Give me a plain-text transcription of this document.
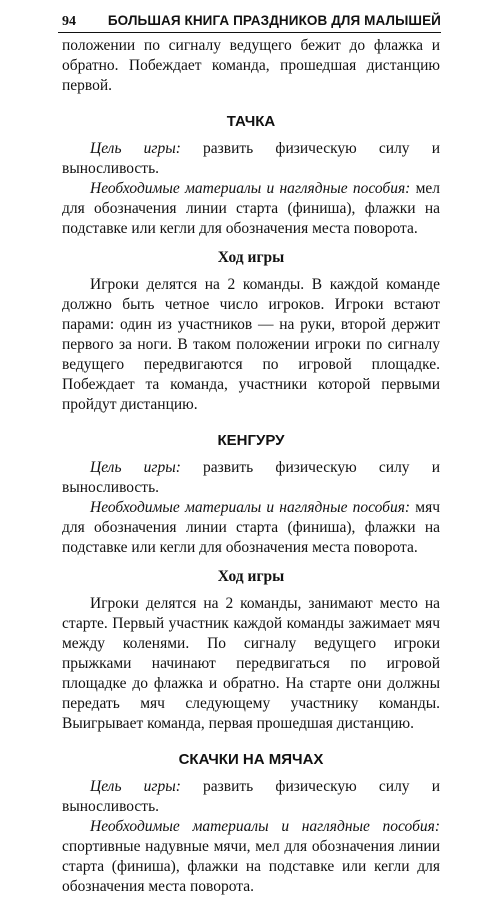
94 БОЛЬШАЯ КНИГА ПРАЗДНИКОВ ДЛЯ МАЛЫШЕЙ

положении по сигналу ведущего бежит до флажка и обратно. Побеждает команда, прошедшая дистанцию первой.

ТАЧКА

Цель игры: развить физическую силу и выносливость.

Необходимые материалы и наглядные пособия: мел для обозначения линии старта (финиша), флажки на подставке или кегли для обозначения места поворота.

Ход игры

Игроки делятся на 2 команды. В каждой команде должно быть четное число игроков. Игроки встают парами: один из участников — на руки, второй держит первого за ноги. В таком положении игроки по сигналу ведущего передвигаются по игровой площадке. Побеждает та команда, участники которой первыми пройдут дистанцию.

КЕНГУРУ

Цель игры: развить физическую силу и выносливость.

Необходимые материалы и наглядные пособия: мяч для обозначения линии старта (финиша), флажки на подставке или кегли для обозначения места поворота.

Ход игры

Игроки делятся на 2 команды, занимают место на старте. Первый участник каждой команды зажимает мяч между коленями. По сигналу ведущего игроки прыжками начинают передвигаться по игровой площадке до флажка и обратно. На старте они должны передать мяч следующему участнику команды. Выигрывает команда, первая прошедшая дистанцию.

СКАЧКИ НА МЯЧАХ

Цель игры: развить физическую силу и выносливость.

Необходимые материалы и наглядные пособия: спортивные надувные мячи, мел для обозначения линии старта (финиша), флажки на подставке или кегли для обозначения места поворота.
